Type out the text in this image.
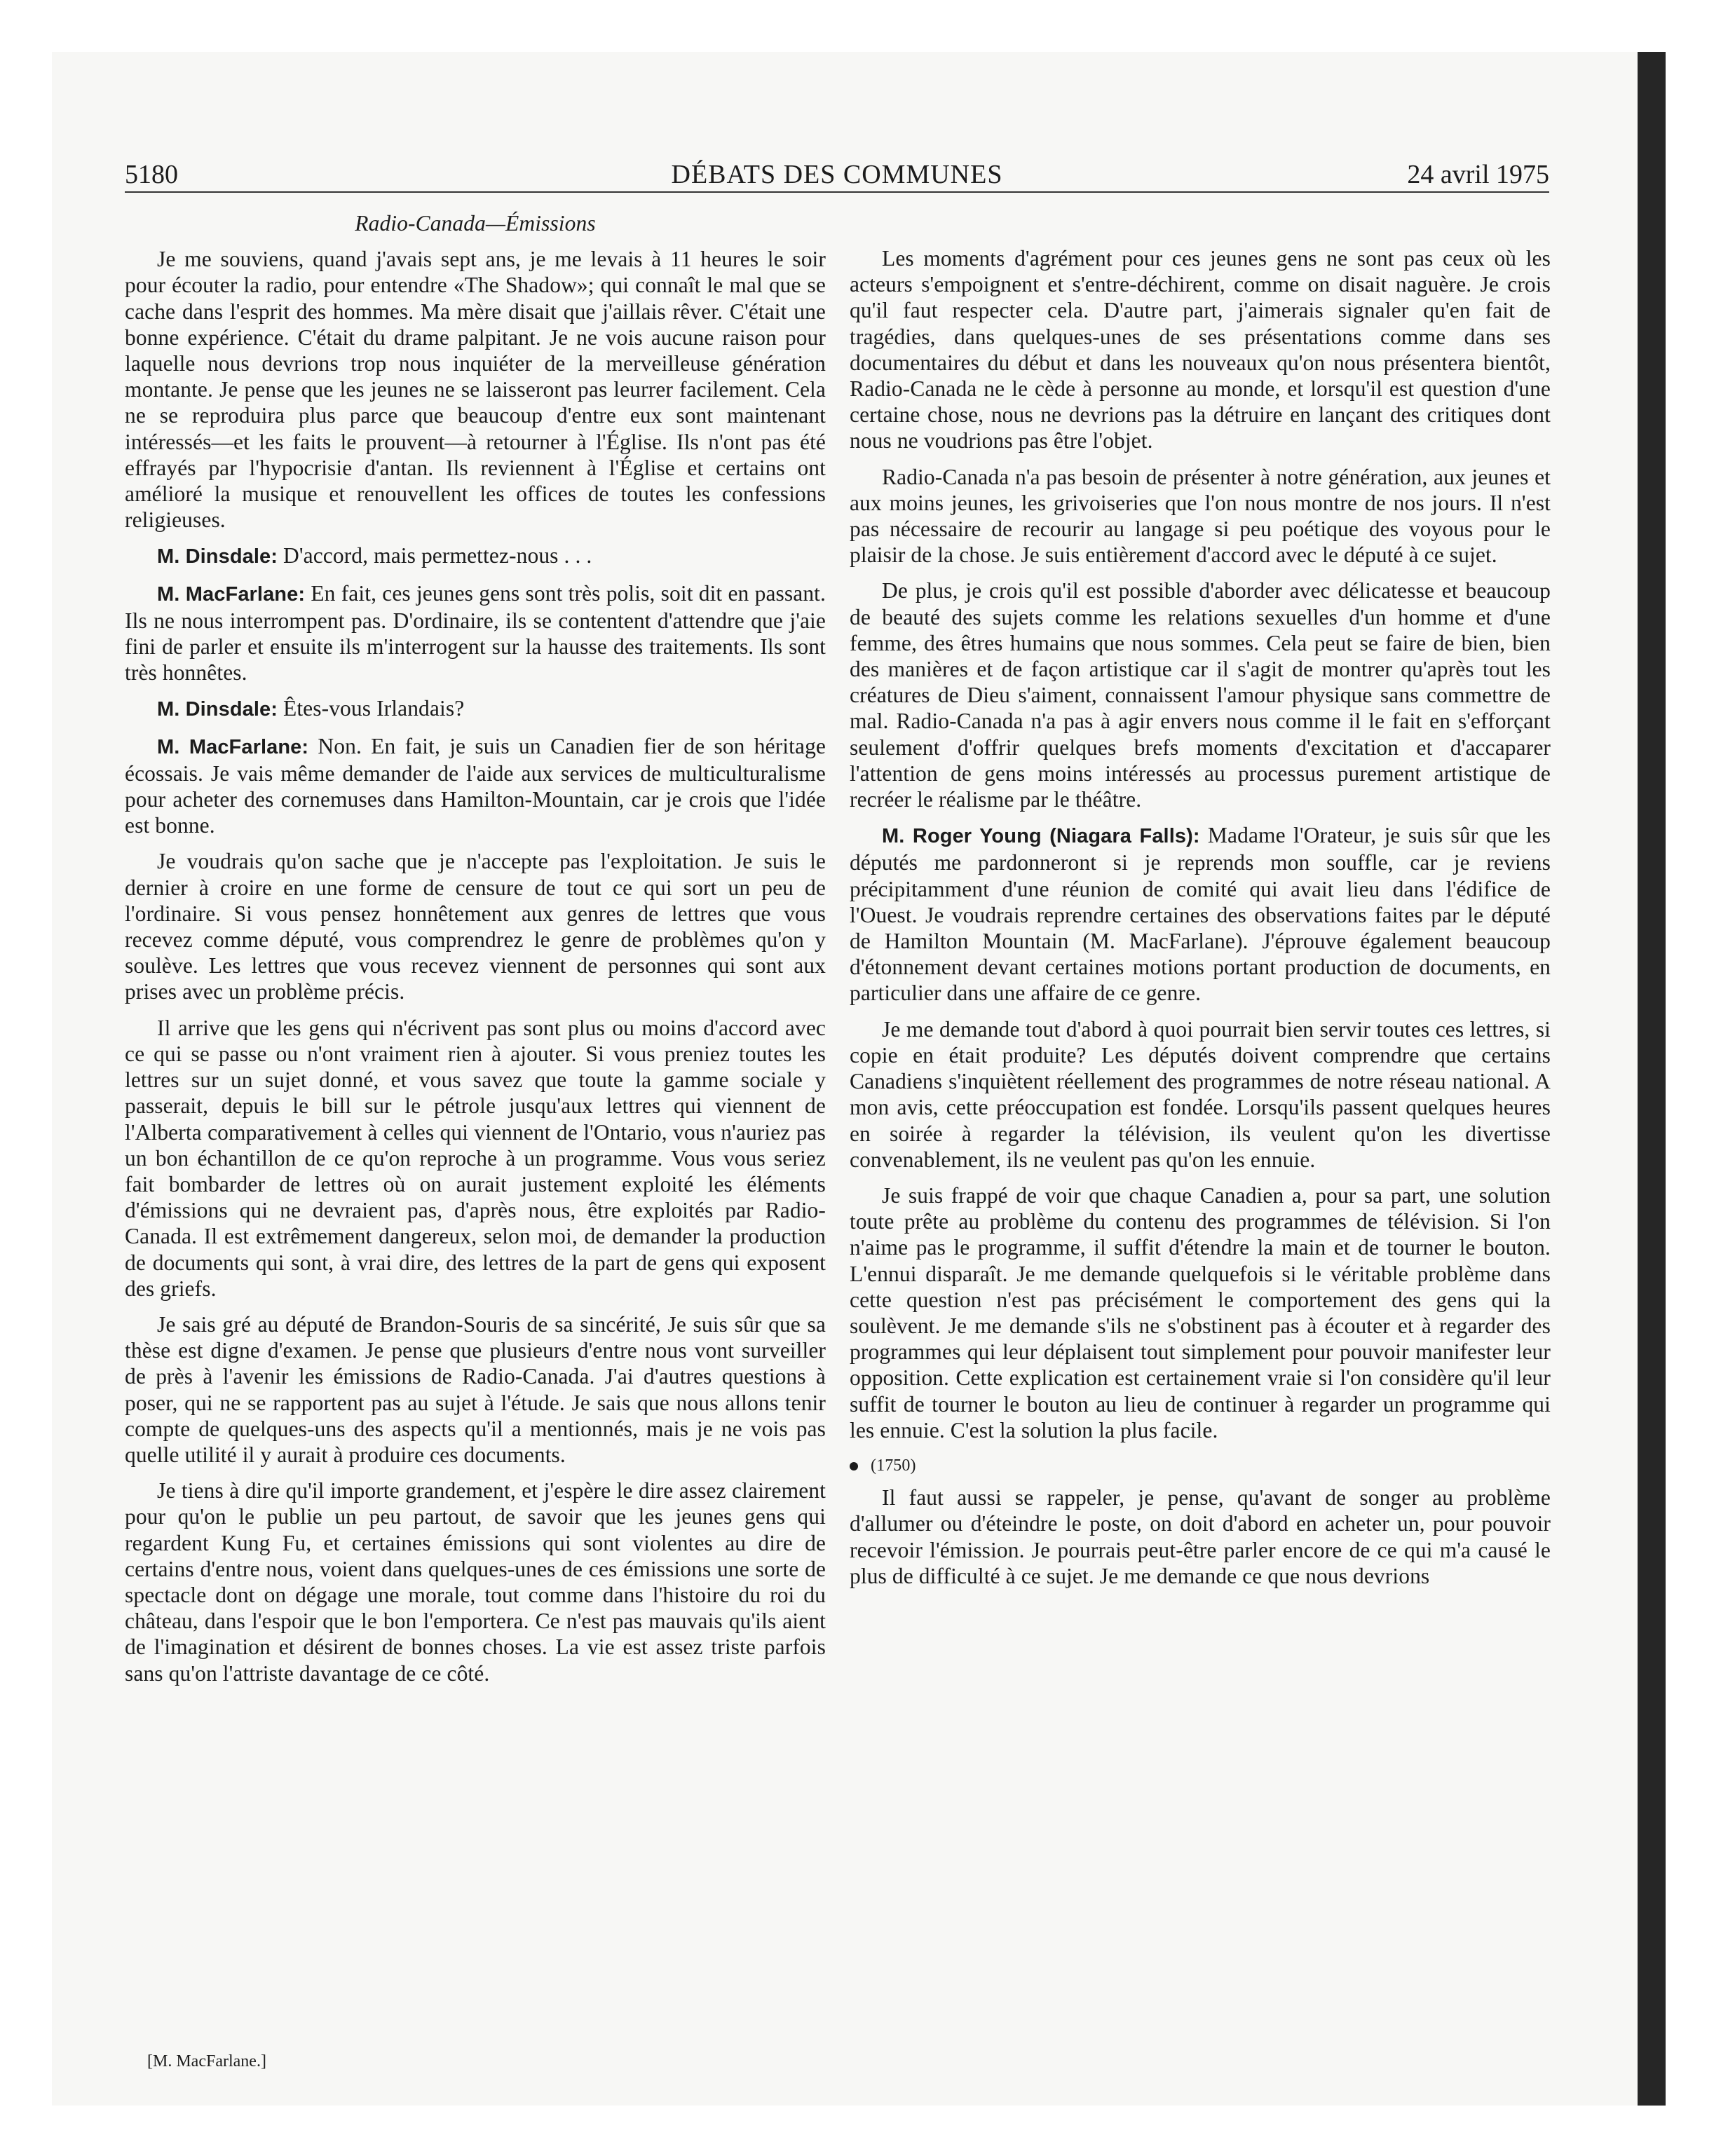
5180	DÉBATS DES COMMUNES	24 avril 1975
Radio-Canada—Émissions

Je me souviens, quand j'avais sept ans, je me levais à 11 heures le soir pour écouter la radio, pour entendre «The Shadow»; qui connaît le mal que se cache dans l'esprit des hommes. Ma mère disait que j'aillais rêver. C'était une bonne expérience. C'était du drame palpitant. Je ne vois aucune raison pour laquelle nous devrions trop nous inquiéter de la merveilleuse génération montante. Je pense que les jeunes ne se laisseront pas leurrer facilement. Cela ne se reproduira plus parce que beaucoup d'entre eux sont maintenant intéressés—et les faits le prouvent—à retourner à l'Église. Ils n'ont pas été effrayés par l'hypocrisie d'antan. Ils reviennent à l'Église et certains ont amélioré la musique et renouvellent les offices de toutes les confessions religieuses.

M. Dinsdale: D'accord, mais permettez-nous . . .

M. MacFarlane: En fait, ces jeunes gens sont très polis, soit dit en passant. Ils ne nous interrompent pas. D'ordinaire, ils se contentent d'attendre que j'aie fini de parler et ensuite ils m'interrogent sur la hausse des traitements. Ils sont très honnêtes.

M. Dinsdale: Êtes-vous Irlandais?

M. MacFarlane: Non. En fait, je suis un Canadien fier de son héritage écossais. Je vais même demander de l'aide aux services de multiculturalisme pour acheter des cornemuses dans Hamilton-Mountain, car je crois que l'idée est bonne.

Je voudrais qu'on sache que je n'accepte pas l'exploitation. Je suis le dernier à croire en une forme de censure de tout ce qui sort un peu de l'ordinaire. Si vous pensez honnêtement aux genres de lettres que vous recevez comme député, vous comprendrez le genre de problèmes qu'on y soulève. Les lettres que vous recevez viennent de personnes qui sont aux prises avec un problème précis.

Il arrive que les gens qui n'écrivent pas sont plus ou moins d'accord avec ce qui se passe ou n'ont vraiment rien à ajouter. Si vous preniez toutes les lettres sur un sujet donné, et vous savez que toute la gamme sociale y passerait, depuis le bill sur le pétrole jusqu'aux lettres qui viennent de l'Alberta comparativement à celles qui viennent de l'Ontario, vous n'auriez pas un bon échantillon de ce qu'on reproche à un programme. Vous vous seriez fait bombarder de lettres où on aurait justement exploité les éléments d'émissions qui ne devraient pas, d'après nous, être exploités par Radio-Canada. Il est extrêmement dangereux, selon moi, de demander la production de documents qui sont, à vrai dire, des lettres de la part de gens qui exposent des griefs.

Je sais gré au député de Brandon-Souris de sa sincérité, Je suis sûr que sa thèse est digne d'examen. Je pense que plusieurs d'entre nous vont surveiller de près à l'avenir les émissions de Radio-Canada. J'ai d'autres questions à poser, qui ne se rapportent pas au sujet à l'étude. Je sais que nous allons tenir compte de quelques-uns des aspects qu'il a mentionnés, mais je ne vois pas quelle utilité il y aurait à produire ces documents.

Je tiens à dire qu'il importe grandement, et j'espère le dire assez clairement pour qu'on le publie un peu partout, de savoir que les jeunes gens qui regardent Kung Fu, et certaines émissions qui sont violentes au dire de certains d'entre nous, voient dans quelques-unes de ces émissions une sorte de spectacle dont on dégage une morale, tout comme dans l'histoire du roi du château, dans l'espoir que le bon l'emportera. Ce n'est pas mauvais qu'ils aient de l'imagination et désirent de bonnes choses. La vie est assez triste parfois sans qu'on l'attriste davantage de ce côté.

Les moments d'agrément pour ces jeunes gens ne sont pas ceux où les acteurs s'empoignent et s'entre-déchirent, comme on disait naguère. Je crois qu'il faut respecter cela. D'autre part, j'aimerais signaler qu'en fait de tragédies, dans quelques-unes de ses présentations comme dans ses documentaires du début et dans les nouveaux qu'on nous présentera bientôt, Radio-Canada ne le cède à personne au monde, et lorsqu'il est question d'une certaine chose, nous ne devrions pas la détruire en lançant des critiques dont nous ne voudrions pas être l'objet.

Radio-Canada n'a pas besoin de présenter à notre génération, aux jeunes et aux moins jeunes, les grivoiseries que l'on nous montre de nos jours. Il n'est pas nécessaire de recourir au langage si peu poétique des voyous pour le plaisir de la chose. Je suis entièrement d'accord avec le député à ce sujet.

De plus, je crois qu'il est possible d'aborder avec délicatesse et beaucoup de beauté des sujets comme les relations sexuelles d'un homme et d'une femme, des êtres humains que nous sommes. Cela peut se faire de bien, bien des manières et de façon artistique car il s'agit de montrer qu'après tout les créatures de Dieu s'aiment, connaissent l'amour physique sans commettre de mal. Radio-Canada n'a pas à agir envers nous comme il le fait en s'efforçant seulement d'offrir quelques brefs moments d'excitation et d'accaparer l'attention de gens moins intéressés au processus purement artistique de recréer le réalisme par le théâtre.

M. Roger Young (Niagara Falls): Madame l'Orateur, je suis sûr que les députés me pardonneront si je reprends mon souffle, car je reviens précipitamment d'une réunion de comité qui avait lieu dans l'édifice de l'Ouest. Je voudrais reprendre certaines des observations faites par le député de Hamilton Mountain (M. MacFarlane). J'éprouve également beaucoup d'étonnement devant certaines motions portant production de documents, en particulier dans une affaire de ce genre.

Je me demande tout d'abord à quoi pourrait bien servir toutes ces lettres, si copie en était produite? Les députés doivent comprendre que certains Canadiens s'inquiètent réellement des programmes de notre réseau national. A mon avis, cette préoccupation est fondée. Lorsqu'ils passent quelques heures en soirée à regarder la télévision, ils veulent qu'on les divertisse convenablement, ils ne veulent pas qu'on les ennuie.

Je suis frappé de voir que chaque Canadien a, pour sa part, une solution toute prête au problème du contenu des programmes de télévision. Si l'on n'aime pas le programme, il suffit d'étendre la main et de tourner le bouton. L'ennui disparaît. Je me demande quelquefois si le véritable problème dans cette question n'est pas précisément le comportement des gens qui la soulèvent. Je me demande s'ils ne s'obstinent pas à écouter et à regarder des programmes qui leur déplaisent tout simplement pour pouvoir manifester leur opposition. Cette explication est certainement vraie si l'on considère qu'il leur suffit de tourner le bouton au lieu de continuer à regarder un programme qui les ennuie. C'est la solution la plus facile.

(1750)

Il faut aussi se rappeler, je pense, qu'avant de songer au problème d'allumer ou d'éteindre le poste, on doit d'abord en acheter un, pour pouvoir recevoir l'émission. Je pourrais peut-être parler encore de ce qui m'a causé le plus de difficulté à ce sujet. Je me demande ce que nous devrions

[M. MacFarlane.]
